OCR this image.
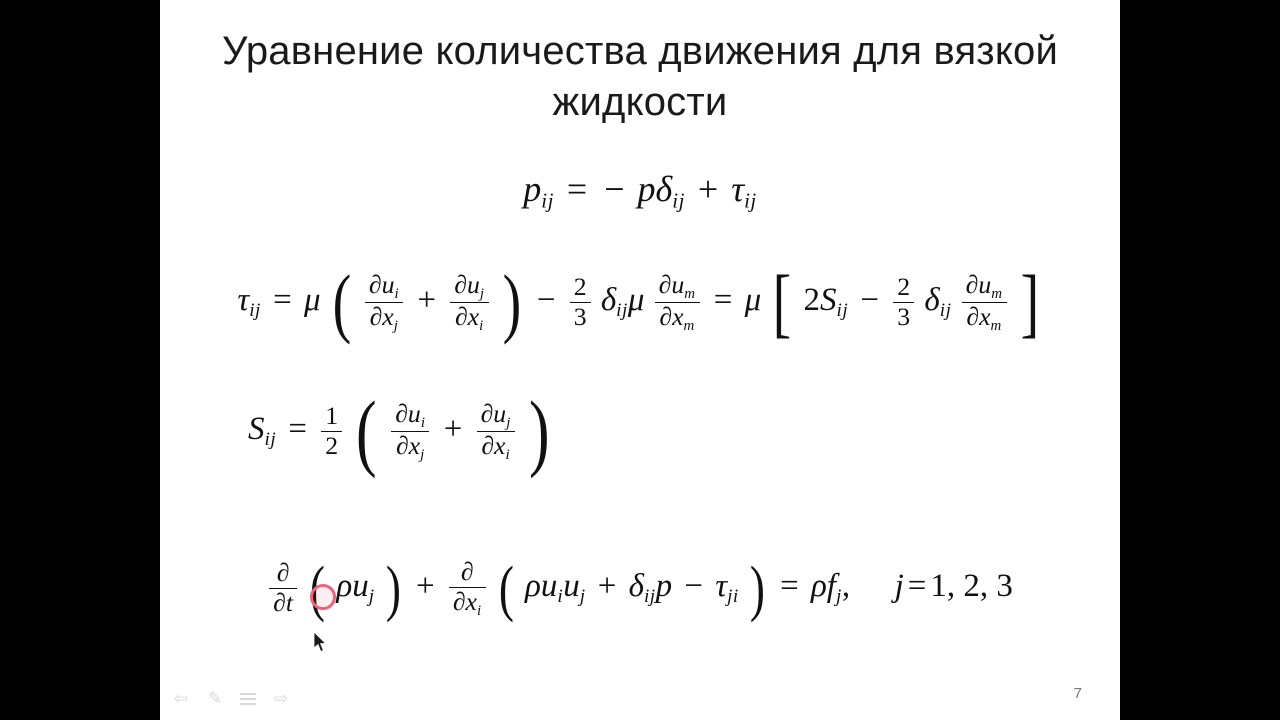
Уравнение количества движения для вязкой жидкости
$p_{ij}$ = − $p\delta_{ij} + \tau_{ij}$
$\tau_{ij} = \mu$ ( $\frac{\partial u_i}{\partial x_j} + \frac{\partial u_j}{\partial x_i}$ ) − $\frac{2}{3} \delta_{ij}\mu \frac{\partial u_m}{\partial x_m} = \mu$ [ $2S_{ij} - \frac{2}{3} \delta_{ij} \frac{\partial u_m}{\partial x_m}$ ]
$S_{ij} = \frac{1}{2}$ ( $\frac{\partial u_i}{\partial x_j} + \frac{\partial u_j}{\partial x_i}$ )
$\frac{\partial}{\partial t}$ ( $\rho u_j$ ) + $\frac{\partial}{\partial x_i}$ ( $\rho u_iu_j + \delta_{ij}p - \tau_{ji}$ ) = $\rho f_j$, j = 1, 2, 3
7
⇦ ✎	⇨
